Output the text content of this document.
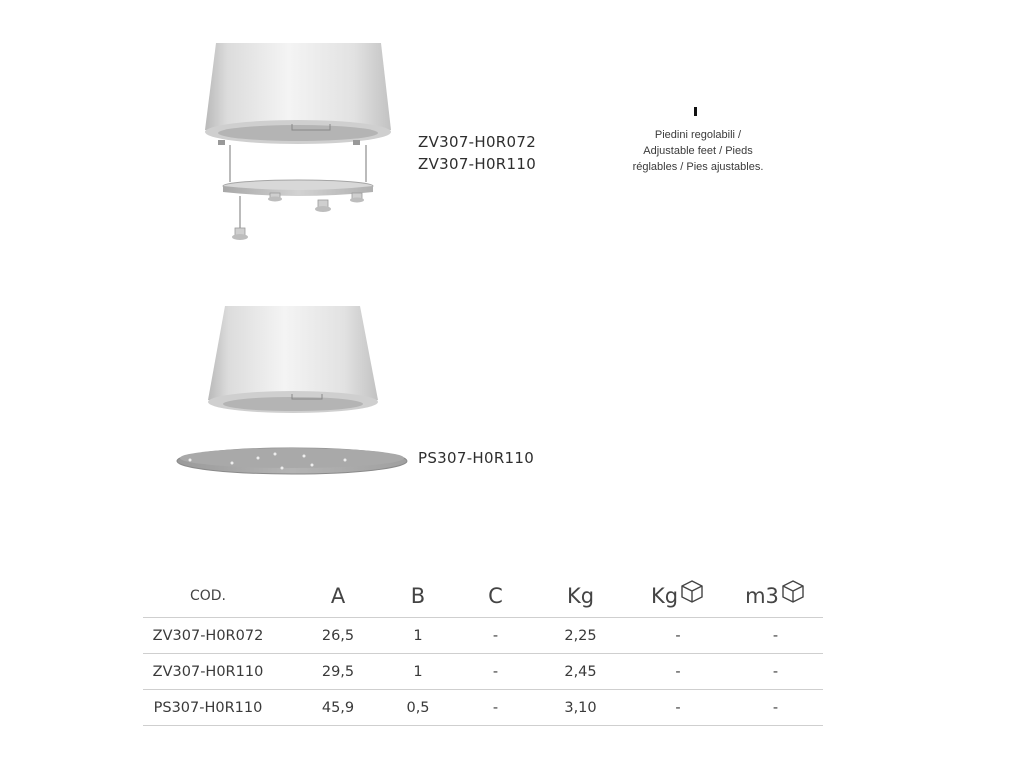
ZV307-H0R072
ZV307-H0R110
PS307-H0R110
Piedini regolabili /
Adjustable feet / Pieds
réglables / Pies ajustables.
COD.	A	B	C	Kg	Kg	m3
ZV307-H0R072	26,5	1	-	2,25	-	-
ZV307-H0R110	29,5	1	-	2,45	-	-
PS307-H0R110	45,9	0,5	-	3,10	-	-
